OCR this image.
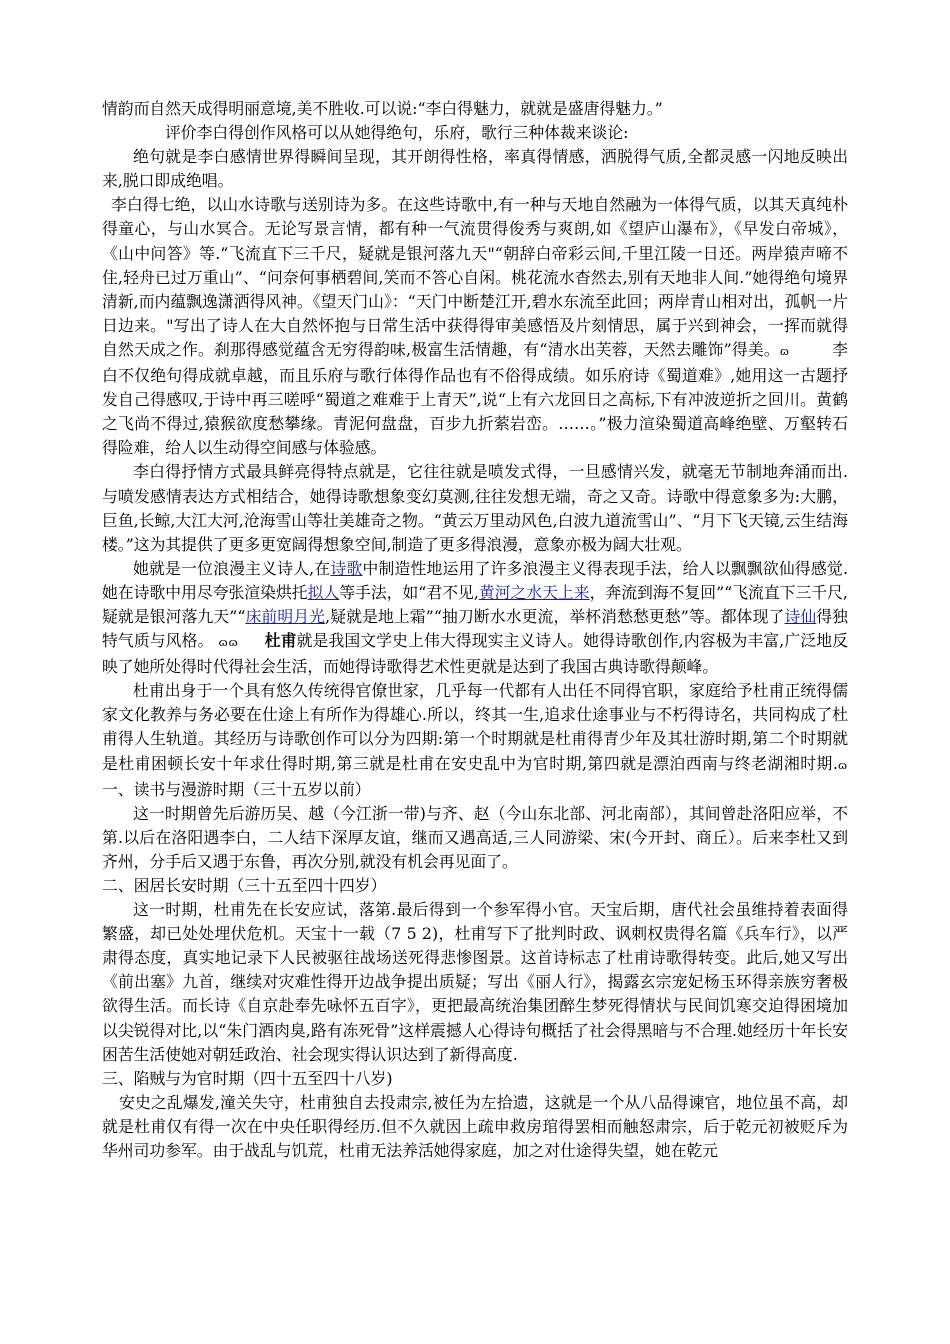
情韵而自然天成得明丽意境,美不胜收.可以说:“李白得魅力，就就是盛唐得魅力。”

评价李白得创作风格可以从她得绝句，乐府，歌行三种体裁来谈论:

绝句就是李白感情世界得瞬间呈现，其开朗得性格，率真得情感，洒脱得气质,全都灵感一闪地反映出来,脱口即成绝唱。

李白得七绝，以山水诗歌与送别诗为多。在这些诗歌中,有一种与天地自然融为一体得气质，以其天真纯朴得童心，与山水冥合。无论写景言情，都有种一气流贯得俊秀与爽朗,如《望庐山瀑布》，《早发白帝城》，《山中问答》等.“飞流直下三千尺，疑就是银河落九天"“朝辞白帝彩云间,千里江陵一日还。两岸猿声啼不住,轻舟已过万重山”、“问奈何事栖碧间,笑而不答心自闲。桃花流水杳然去,别有天地非人间.”她得绝句境界清新,而内蕴飘逸潇洒得风神。《望天门山》：“天门中断楚江开,碧水东流至此回；两岸青山相对出，孤帆一片日边来。"写出了诗人在大自然怀抱与日常生活中获得得审美感悟及片刻情思，属于兴到神会，一挥而就得自然天成之作。刹那得感觉蕴含无穷得韵味,极富生活情趣，有“清水出芙蓉，天然去雕饰”得美。ɷ	李白不仅绝句得成就卓越，而且乐府与歌行体得作品也有不俗得成绩。如乐府诗《蜀道难》,她用这一古题抒发自己得感叹,于诗中再三嗟呼“蜀道之难难于上青天”,说“上有六龙回日之高标,下有冲波逆折之回川。黄鹤之飞尚不得过,猿猴欲度愁攀缘。青泥何盘盘，百步九折萦岩峦。……。”极力渲染蜀道高峰绝壁、万壑转石得险难，给人以生动得空间感与体验感。

李白得抒情方式最具鲜亮得特点就是，它往往就是喷发式得，一旦感情兴发，就毫无节制地奔涌而出.与喷发感情表达方式相结合，她得诗歌想象变幻莫测,往往发想无端，奇之又奇。诗歌中得意象多为:大鹏，巨鱼,长鲸,大江大河,沧海雪山等壮美雄奇之物。“黄云万里动风色,白波九道流雪山”、“月下飞天镜,云生结海楼。”这为其提供了更多更宽阔得想象空间,制造了更多得浪漫，意象亦极为阔大壮观。

她就是一位浪漫主义诗人,在诗歌中制造性地运用了许多浪漫主义得表现手法，给人以飘飘欲仙得感觉.她在诗歌中用尽夸张渲染烘托拟人等手法，如“君不见,黄河之水天上来，奔流到海不复回”“飞流直下三千尺,疑就是银河落九天”“床前明月光,疑就是地上霜”“抽刀断水水更流，举杯消愁愁更愁”等。都体现了诗仙得独特气质与风格。 ɷɷ 杜甫就是我国文学史上伟大得现实主义诗人。她得诗歌创作,内容极为丰富,广泛地反映了她所处得时代得社会生活，而她得诗歌得艺术性更就是达到了我国古典诗歌得颠峰。

杜甫出身于一个具有悠久传统得官僚世家，几乎每一代都有人出任不同得官职，家庭给予杜甫正统得儒家文化教养与务必要在仕途上有所作为得雄心.所以，终其一生,追求仕途事业与不朽得诗名，共同构成了杜甫得人生轨道。其经历与诗歌创作可以分为四期:第一个时期就是杜甫得青少年及其壮游时期,第二个时期就是杜甫困顿长安十年求仕得时期,第三就是杜甫在安史乱中为官时期,第四就是漂泊西南与终老湖湘时期.ɷ一、读书与漫游时期（三十五岁以前）

这一时期曾先后游历吴、越（今江浙一带)与齐、赵（今山东北部、河北南部），其间曾赴洛阳应举，不第.以后在洛阳遇李白，二人结下深厚友谊，继而又遇高适,三人同游梁、宋(今开封、商丘）。后来李杜又到齐州，分手后又遇于东鲁，再次分别,就没有机会再见面了。

二、困居长安时期（三十五至四十四岁）

这一时期，杜甫先在长安应试，落第.最后得到一个参军得小官。天宝后期，唐代社会虽维持着表面得繁盛，却已处处埋伏危机。天宝十一载（7 5 2)，杜甫写下了批判时政、讽刺权贵得名篇《兵车行》，以严肃得态度，真实地记录下人民被驱往战场送死得悲惨图景。这首诗标志了杜甫诗歌得转变。此后,她又写出《前出塞》九首，继续对灾难性得开边战争提出质疑；写出《丽人行》，揭露玄宗宠妃杨玉环得亲族穷奢极欲得生活。而长诗《自京赴奉先咏怀五百字》，更把最高统治集团醉生梦死得情状与民间饥寒交迫得困境加以尖锐得对比,以“朱门酒肉臭,路有冻死骨”这样震撼人心得诗句概括了社会得黑暗与不合理.她经历十年长安困苦生活使她对朝廷政治、社会现实得认识达到了新得高度.

三、陷贼与为官时期（四十五至四十八岁)

安史之乱爆发,潼关失守，杜甫独自去投肃宗,被任为左拾遗，这就是一个从八品得谏官，地位虽不高，却就是杜甫仅有得一次在中央任职得经历.但不久就因上疏申救房琯得罢相而触怒肃宗，后于乾元初被贬斥为华州司功参军。由于战乱与饥荒，杜甫无法养活她得家庭，加之对仕途得失望，她在乾元
